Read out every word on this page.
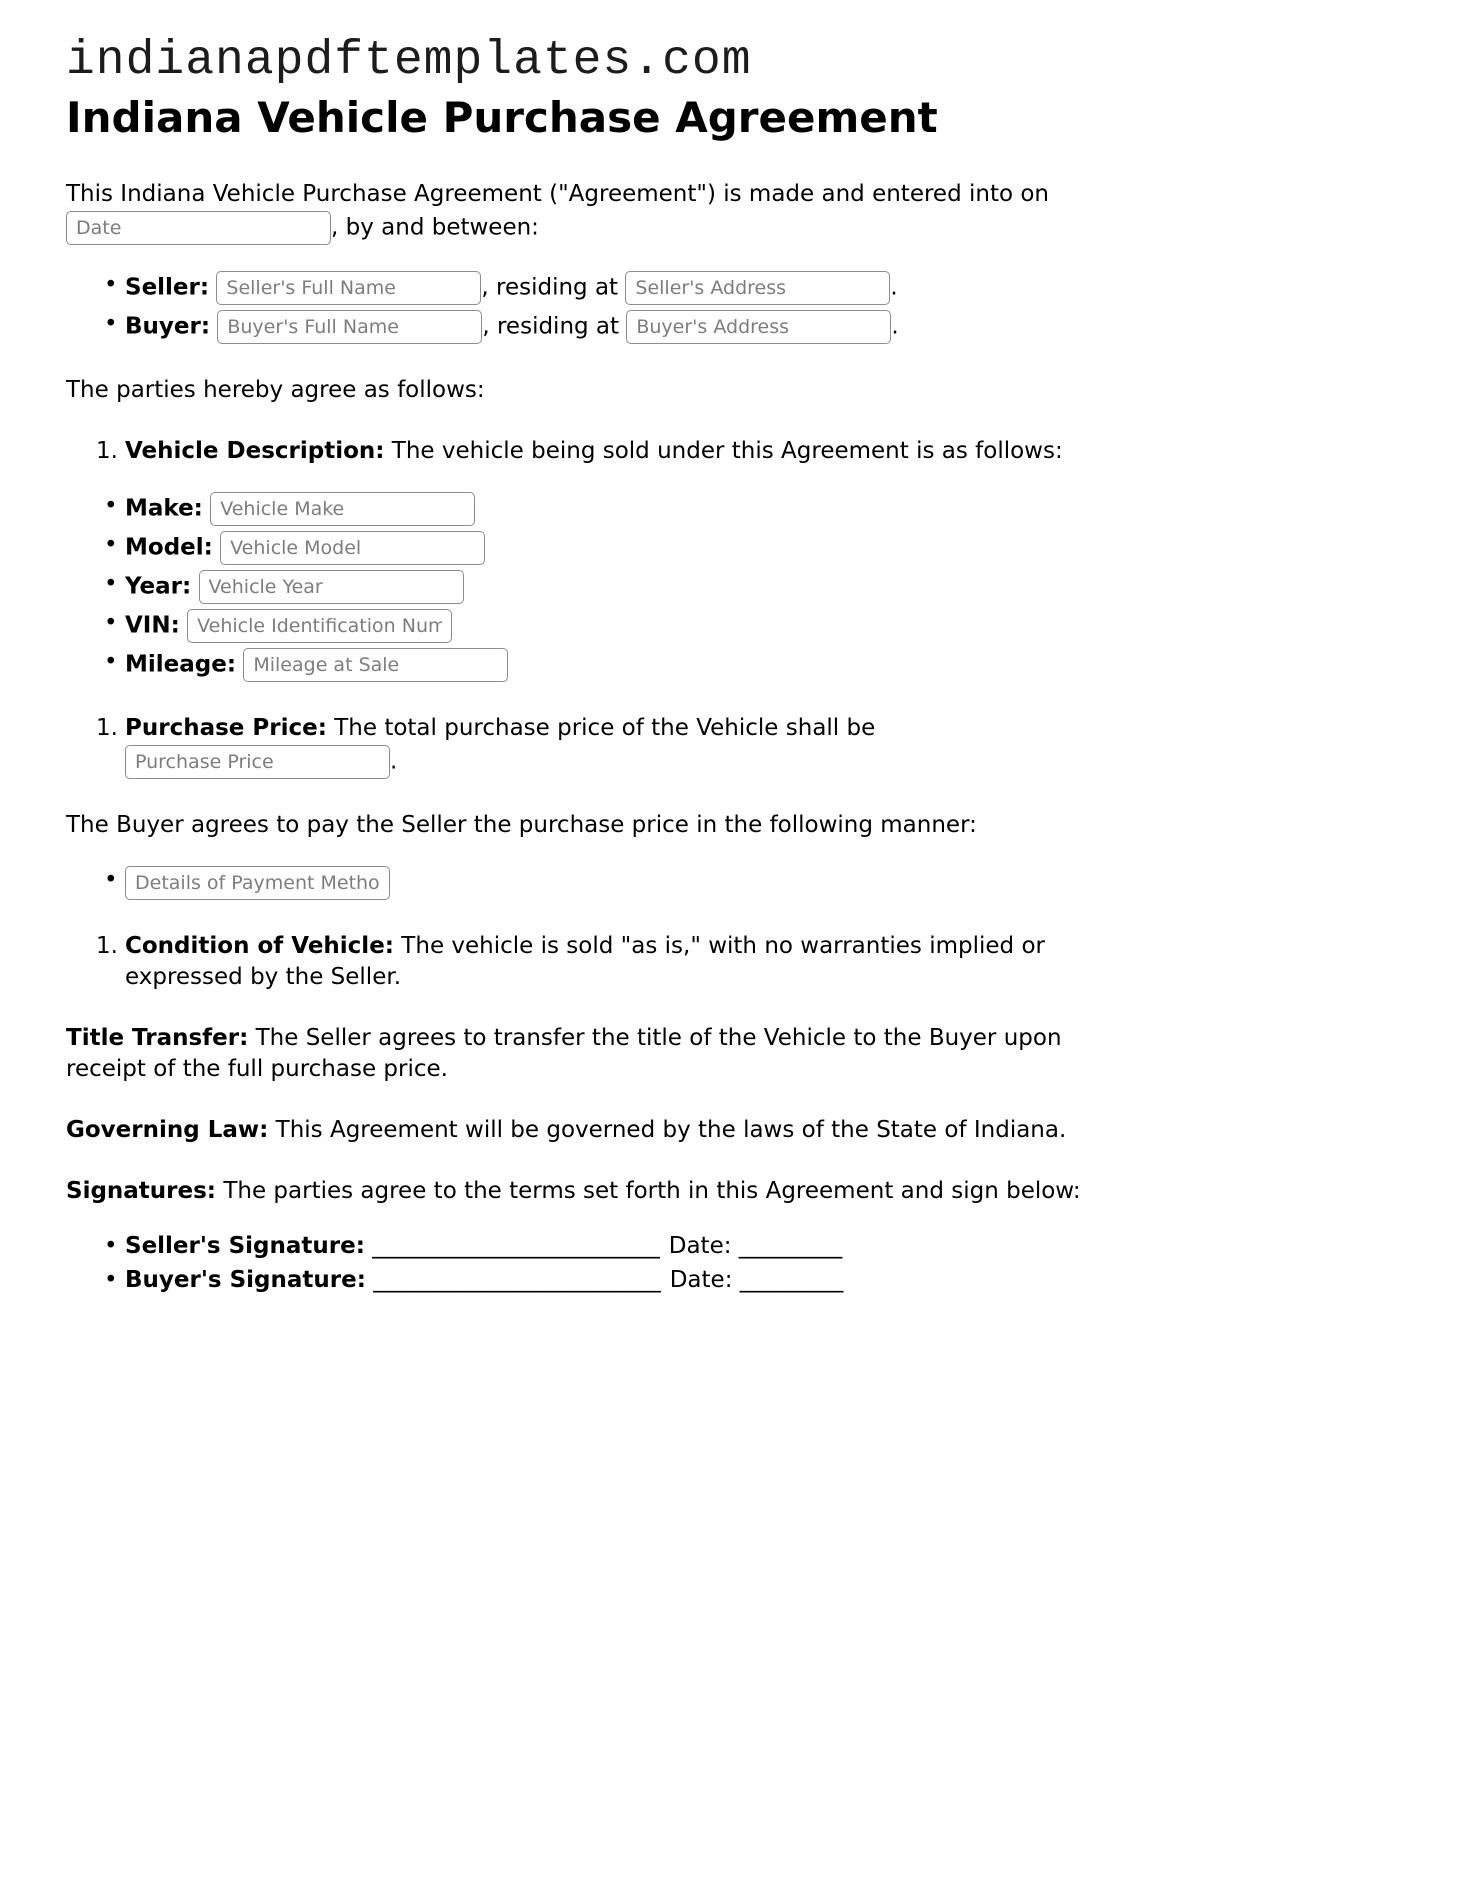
indianapdftemplates.com
Indiana Vehicle Purchase Agreement

This Indiana Vehicle Purchase Agreement ("Agreement") is made and entered into on Date, by and between:

• Seller: Seller's Full Name	, residing at Seller's Address	.
• Buyer: Buyer's Full Name	, residing at Buyer's Address	.

The parties hereby agree as follows:

1. Vehicle Description: The vehicle being sold under this Agreement is as follows:
• Make: Vehicle Make
• Model: Vehicle Model
• Year: Vehicle Year
• VIN: Vehicle Identification Number
• Mileage: Mileage at Sale
1. Purchase Price: The total purchase price of the Vehicle shall be Purchase Price.

The Buyer agrees to pay the Seller the purchase price in the following manner:

• Details of Payment Method
1. Condition of Vehicle: The vehicle is sold "as is," with no warranties implied or expressed by the Seller.

Title Transfer: The Seller agrees to transfer the title of the Vehicle to the Buyer upon receipt of the full purchase price.

Governing Law: This Agreement will be governed by the laws of the State of Indiana.

Signatures: The parties agree to the terms set forth in this Agreement and sign below:

• Seller's Signature: _________________________ Date: _________
• Buyer's Signature: _________________________ Date: _________
